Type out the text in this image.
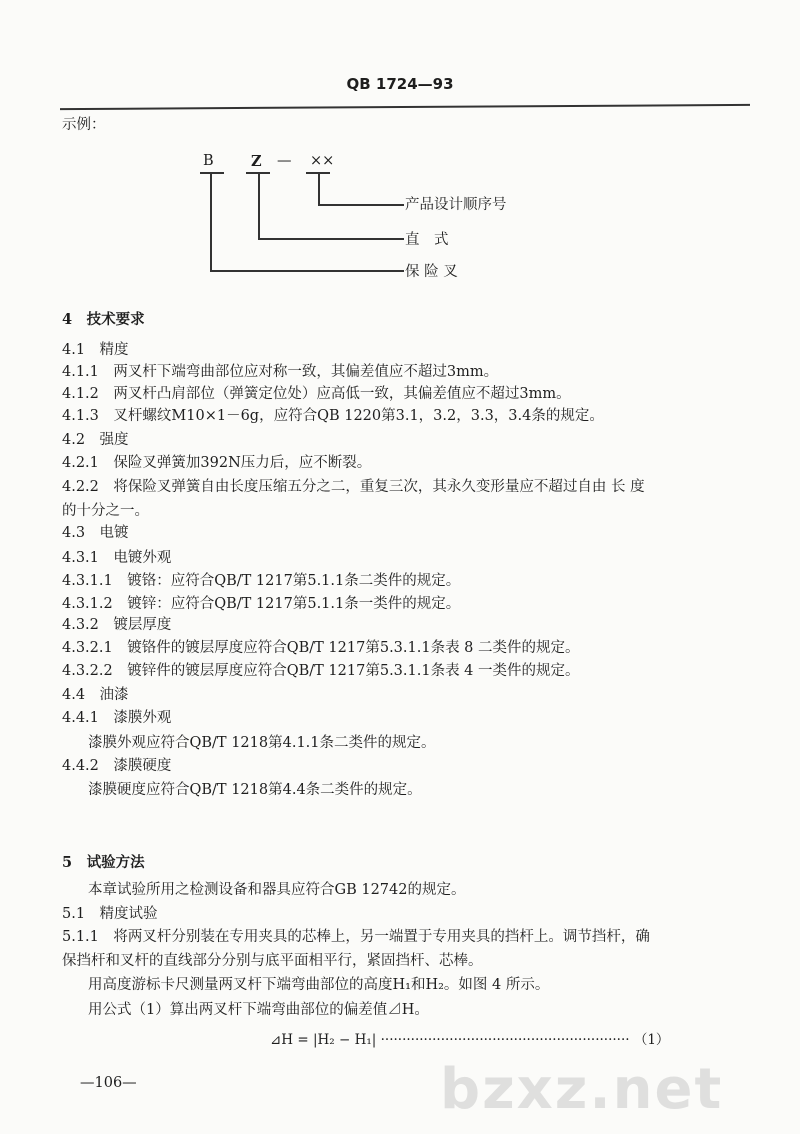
QB 1724—93
示例：
B	Z — ××
产品设计顺序号
直　式
保 险 叉
4　技术要求
4.1　精度
4.1.1　两叉杆下端弯曲部位应对称一致，其偏差值应不超过3mm。
4.1.2　两叉杆凸肩部位（弹簧定位处）应高低一致，其偏差值应不超过3mm。
4.1.3　叉杆螺纹M10×1－6g，应符合QB 1220第3.1，3.2，3.3，3.4条的规定。
4.2　强度
4.2.1　保险叉弹簧加392N压力后，应不断裂。
4.2.2　将保险叉弹簧自由长度压缩五分之二，重复三次，其永久变形量应不超过自由 长 度
的十分之一。
4.3　电镀
4.3.1　电镀外观
4.3.1.1　镀铬：应符合QB/T 1217第5.1.1条二类件的规定。
4.3.1.2　镀锌：应符合QB/T 1217第5.1.1条一类件的规定。
4.3.2　镀层厚度
4.3.2.1　镀铬件的镀层厚度应符合QB/T 1217第5.3.1.1条表 8 二类件的规定。
4.3.2.2　镀锌件的镀层厚度应符合QB/T 1217第5.3.1.1条表 4 一类件的规定。
4.4　油漆
4.4.1　漆膜外观
漆膜外观应符合QB/T 1218第4.1.1条二类件的规定。
4.4.2　漆膜硬度
漆膜硬度应符合QB/T 1218第4.4条二类件的规定。
5　试验方法
本章试验所用之检测设备和器具应符合GB 12742的规定。
5.1　精度试验
5.1.1　将两叉杆分别装在专用夹具的芯棒上，另一端置于专用夹具的挡杆上。调节挡杆，确
保挡杆和叉杆的直线部分分别与底平面相平行，紧固挡杆、芯棒。
用高度游标卡尺测量两叉杆下端弯曲部位的高度H₁和H₂。如图 4 所示。
用公式（1）算出两叉杆下端弯曲部位的偏差值⊿H。
⊿H = |H₂ − H₁| ·························································· （1）
—106—	bzxz.net
